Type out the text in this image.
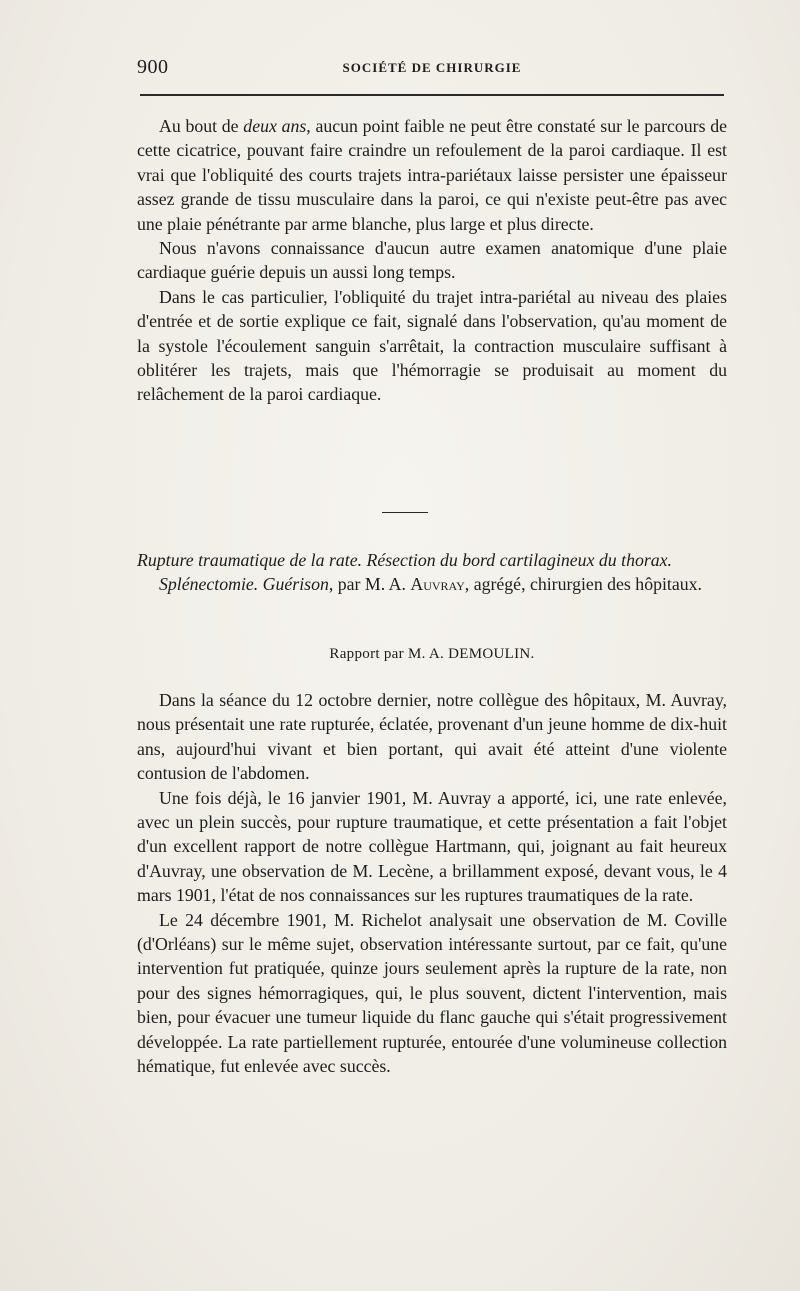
900	SOCIÉTÉ DE CHIRURGIE

Au bout de deux ans, aucun point faible ne peut être constaté sur le parcours de cette cicatrice, pouvant faire craindre un refoulement de la paroi cardiaque. Il est vrai que l'obliquité des courts trajets intra-pariétaux laisse persister une épaisseur assez grande de tissu musculaire dans la paroi, ce qui n'existe peut-être pas avec une plaie pénétrante par arme blanche, plus large et plus directe.

Nous n'avons connaissance d'aucun autre examen anatomique d'une plaie cardiaque guérie depuis un aussi long temps.

Dans le cas particulier, l'obliquité du trajet intra-pariétal au niveau des plaies d'entrée et de sortie explique ce fait, signalé dans l'observation, qu'au moment de la systole l'écoulement sanguin s'arrêtait, la contraction musculaire suffisant à oblitérer les trajets, mais que l'hémorragie se produisait au moment du relâchement de la paroi cardiaque.

Rupture traumatique de la rate. Résection du bord cartilagineux du thorax. Splénectomie. Guérison, par M. A. Auvray, agrégé, chirurgien des hôpitaux.
Rapport par M. A. DEMOULIN.

Dans la séance du 12 octobre dernier, notre collègue des hôpitaux, M. Auvray, nous présentait une rate rupturée, éclatée, provenant d'un jeune homme de dix-huit ans, aujourd'hui vivant et bien portant, qui avait été atteint d'une violente contusion de l'abdomen.

Une fois déjà, le 16 janvier 1901, M. Auvray a apporté, ici, une rate enlevée, avec un plein succès, pour rupture traumatique, et cette présentation a fait l'objet d'un excellent rapport de notre collègue Hartmann, qui, joignant au fait heureux d'Auvray, une observation de M. Lecène, a brillamment exposé, devant vous, le 4 mars 1901, l'état de nos connaissances sur les ruptures traumatiques de la rate.

Le 24 décembre 1901, M. Richelot analysait une observation de M. Coville (d'Orléans) sur le même sujet, observation intéressante surtout, par ce fait, qu'une intervention fut pratiquée, quinze jours seulement après la rupture de la rate, non pour des signes hémorragiques, qui, le plus souvent, dictent l'intervention, mais bien, pour évacuer une tumeur liquide du flanc gauche qui s'était progressivement développée. La rate partiellement rupturée, entourée d'une volumineuse collection hématique, fut enlevée avec succès.
